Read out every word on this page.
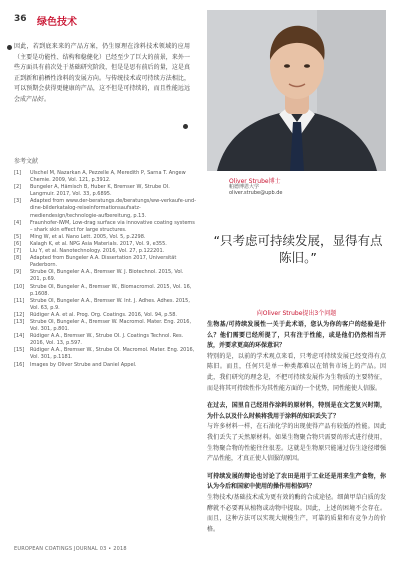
36 绿色技术
因此，若到底来来的产品方案，仍生原理在涂料技术领域的应用（主要是功能性、结构和稳健化）已经至少了巨大的前景，来外一些方面具有前次处于基础研究阶段，但是是思有前后的量，这是真正到新和前栖性涂料的发展方向。与传统技术或可持续方法相比，可以预期会获得更健康的产品，这不但是可持续的，而且性能远远会成产品好。
参考文献
[1]	Ulschel M, Nazarkan A, Pezzelle A, Meredith P, Sarna T. Angew Chemie. 2009, Vol. 121, p.3912.
[2]	Bungeler A, Hämisch B, Huber K, Bremser W, Strube OI. Langmuir. 2017, Vol. 33, p.6895.
[3]	Adapted from www.der-beratungs.de/beratungs/ww-verkaufe-und-dine-bilderkatalog-reiseinformationsaufsatz-mediendesign/technologie-aufbereitung, p.13.
[4]	Fraunhofer-IWM, Low-drag surface via innovative coating systems – shark skin effect for large structures.
[5]	Ming W, et al. Nano Lett. 2005, Vol. 5, p.2298.
[6]	Kalagh K, et al. NPG Asia Materials. 2017, Vol. 9, e355.
[7]	Liu Y, et al. Nanotechnology. 2016, Vol. 27, p.122201.
[8]	Adapted from Bungeler A.A. Dissertation 2017, Universität Paderborn.
[9]	Strube OI, Bungeler A.A., Bremser W. J. Biotechnol. 2015, Vol. 201, p.69.
[10]	Strube OI, Bungeler A., Bremser W., Biomacromol. 2015, Vol. 16, p.1608.
[11]	Strube OI, Bungeler A.A., Bremser W. Int. J. Adhes. Adhes. 2015, Vol. 63, p.9.
[12]	Rüdiger A.A. et al. Prog. Org. Coatings. 2016, Vol. 94, p.58.
[13]	Strube OI, Bungeler A., Bremser W. Macromol. Mater. Eng. 2016, Vol. 301, p.801.
[14]	Rüdiger A.A., Bremser W., Strube OI. J. Coatings Technol. Res. 2016, Vol. 13, p.597.
[15]	Rüdiger A.A., Bremser W., Strube OI. Macromol. Mater. Eng. 2016, Vol. 301, p.1181.
[16]	Images by Oliver Strube and Daniel Appel.
Oliver Strube博士
帕德博恩大学
oliver.strube@upb.de
“只考虑可持续发展，显得有点陈旧。”
向Oliver Strube提出3个问题

生物基/可持续发展性一关于此术语，您认为你的客户的经验是什么？他们需要已经所提了，只有注于性能，或是他们仍然相当开放，并要求更高的环保意识？

特别的是，以前的学术观点来看，只考虑可持续发展已经变得有点陈旧。而且，任何只是单一种类都难以在销售市场上的产品。因此，我们研究的理念是，不把可持续发展作为生物质的主要特征，而是将其可持续性作为其性能方面的一个优势，同性能使人信服。

在过去，国里自己经用作涂料的原材料，特别是在文艺复兴时期，为什么以及什么时候将我用于涂料的知识丢失了？

与许多材料一样，在石油化学的出现使得产品有较低的性能。因此我们丢失了天然原材料。如果生物聚合物只需要的形式进行使用，生物聚合物的性能往往很差。这就是生物原只能通过仿生途径增强产品性能，才真正使人信服的原因。

可持续发展的辩论也讨论了农田是用于工业还是用来生产食物，你认为今后和国家中使用的操作用相似吗？

生物技术/基础技术成为更有效的酶的合成途径。细菌甲草白质的发酵就不必要再从植物或动物中提取。因此，上述的困境不会存在。而且，这种方法可以实现大规模生产，可靠的质量和有竞争力的价格。

EUROPEAN COATINGS JOURNAL 03 • 2018
